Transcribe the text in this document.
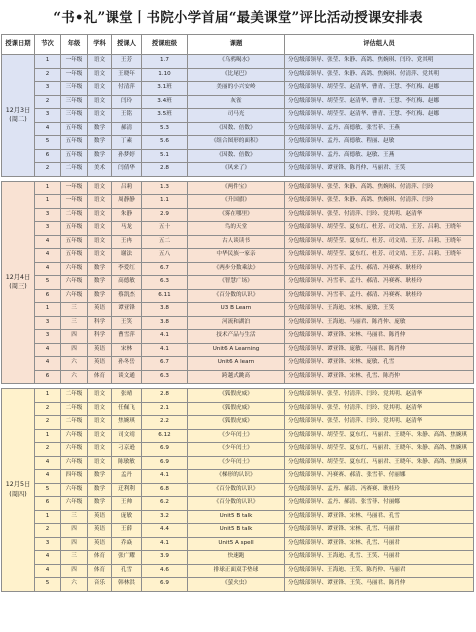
“书•礼”课堂丨书院小学首届“最美课堂”评比活动授课安排表
授课日期	节次	年级	学科	授课人	授课班级	课题	评估组人员

12月3日
(周二)	1	一年级	语文	王芳	1.7	《乌鸦喝水》	分包级部领导、张莹、朱静、高鸽、焦婉琪、闫玲、党其明
	2	一年级	语文	王晓年	1.10	《比尾巴》	分包级部领导、张莹、朱静、高鸽、焦婉琪、付清萍、党其明
	3	三年级	语文	付清萍	3.1班	美丽的小兴安岭	分包级部领导、胡莹莹、赵清华、曹青、王慧、李红梅、赵娜
	2	三年级	语文	闫玲	3.4班	灰雀	分包级部领导、胡莹莹、赵清华、曹青、王慧、李红梅、赵娜
	3	三年级	语文	王铭	3.5班	司马光	分包级部领导、胡莹莹、赵清华、曹青、王慧、李红梅、赵娜
	4	五年级	数学	郝清	5.3	《因数、倍数》	分包级部领导、孟丹、高德敏、张雪菲、王燕
	5	五年级	数学	丁素	5.6	《组合图形的面积》	分包级部领导、孟丹、高德敏、程丽、赵敏
	6	五年级	数学	孙梦婷	5.1	《因数、倍数》	分包级部领导、孟丹、高德敏、赵敏、王燕
	2	二年级	美术	闫倩华	2.8	《风来了》	分包级部领导、谭亚锋、陈肖仲、马丽君、王笑

12月4日
(周三)	1	一年级	语文	吕莉	1.3	《两件宝》	分包级部领导、张莹、朱静、高鸽、焦婉琪、付清萍、闫玲
	1	一年级	语文	周静静	1.1	《升国旗》	分包级部领导、张莹、朱静、高鸽、焦婉琪、付清萍、闫玲
	3	二年级	语文	朱静	2.9	《雾在哪里》	分包级部领导、张莹、付清萍、闫玲、党其明、赵清华
	3	五年级	语文	马龙	五十	鸟的天堂	分包级部领导、胡莹莹、夏东红、杜芳、司文靖、王芳、吕莉、王晓年
	4	五年级	语文	王冉	五二	古人谈读书	分包级部领导、胡莹莹、夏东红、杜芳、司文靖、王芳、吕莉、王晓年
	4	五年级	语文	谢法	五八	中华民族一家亲	分包级部领导、胡莹莹、夏东红、杜芳、司文靖、王芳、吕莉、王晓年
	4	六年级	数学	李爱红	6.7	《两步分数乘法》	分包级部领导、冯雪菲、孟丹、郝清、冯赛赛、耿桂玲
	5	六年级	数学	高德敏	6.3	《智慧广场》	分包级部领导、冯雪菲、孟丹、郝清、冯赛赛、耿桂玲
	6	六年级	数学	蔡凯杰	6.11	《百分数的认识》	分包级部领导、冯雪菲、孟丹、郝清、冯赛赛、耿桂玲
	1	三	英语	谭亚锋	3.8	U3 B Learn	分包级部领导、王海迪、宋林、庞敏、王笑
	3	三	科学	王笑	3.8	河流和湖泊	分包级部领导、王海迪、马丽君、陈肖仲、庞敏
	3	四	科学	曹雪萍	4.1	技术产品与生活	分包级部领导、谭亚锋、宋林、马丽君、陈肖仲
	4	四	英语	宋林	4.1	Unit6 A Learning	分包级部领导、谭亚锋、庞敏、马丽君、陈肖仲
	4	六	英语	孙冬岳	6.7	Unit6 A learn	分包级部领导、谭亚锋、宋林、庞敏、孔雪
	6	六	体育	谈文通	6.3	跨越式跳高	分包级部领导、谭亚锋、宋林、孔雪、陈肖仲

12月5日
(周四)	1	二年级	语文	张晴	2.8	《狐假虎威》	分包级部领导、张莹、付清萍、闫玲、党其明、赵清华
	2	二年级	语文	任佩飞	2.1	《狐假虎威》	分包级部领导、张莹、付清萍、闫玲、党其明、赵清华
	2	二年级	语文	焦婉琪	2.2	《狐假虎威》	分包级部领导、张莹、付清萍、闫玲、党其明、赵清华
	1	六年级	语文	司文靖	6.12	《少年闰土》	分包级部领导、胡莹莹、夏东红、马丽君、王晓年、朱静、高鸽、焦婉琪
	2	六年级	语文	刁京逊	6.9	《少年闰土》	分包级部领导、胡莹莹、夏东红、马丽君、王晓年、朱静、高鸽、焦婉琪
	4	六年级	语文	陈敏敏	6.9	《少年闰土》	分包级部领导、胡莹莹、夏东红、马丽君、王晓年、朱静、高鸽、焦婉琪
	4	四年级	数学	孟丹	4.1	《梯形的认识》	分包级部领导、冯赛赛、郝清、张雪菲、付丽娜
	5	六年级	数学	迁利利	6.8	《百分数的认识》	分包级部领导、孟丹、郝清、冯赛赛、耿桂玲
	6	六年级	数学	王帅	6.2	《百分数的认识》	分包级部领导、孟丹、郝清、张雪菲、付丽娜
	1	三	英语	庞敏	3.2	Unit5 B talk	分包级部领导、谭亚锋、宋林、马丽君、孔雪
	2	四	英语	王薛	4.4	Unit5 B talk	分包级部领导、谭亚锋、宋林、孔雪、马丽君
	3	四	英语	乔焱	4.1	Unit5 A spell	分包级部领导、谭亚锋、宋林、孔雪、马丽君
	4	三	体育	张广耀	3.9	快速跑	分包级部领导、王海迪、孔雪、王笑、马丽君
	4	四	体育	孔雪	4.6	排球正面双手垫球	分包级部领导、王海迪、王笑、陈肖仲、马丽君
	5	六	音乐	韩林洪	6.9	《萤火虫》	分包级部领导、谭亚锋、王笑、马丽君、陈肖仲
